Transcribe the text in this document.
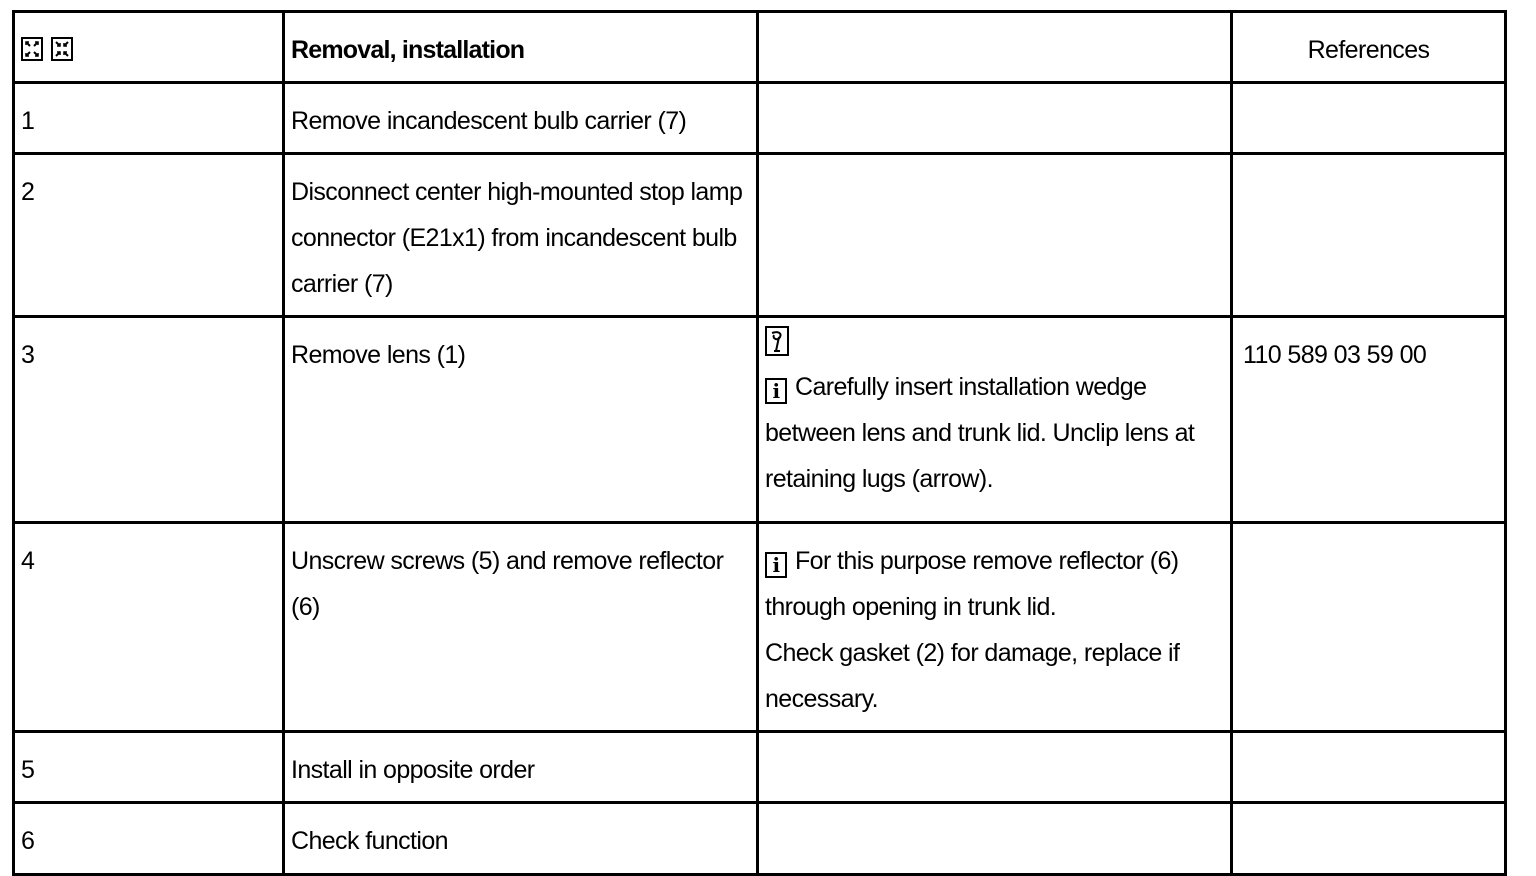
	Removal, installation		References
1	Remove incandescent bulb carrier (7)		

2	Disconnect center high-mounted stop lamp
connector (E21x1) from incandescent bulb
carrier (7)		

3	Remove lens (1)	i Carefully insert installation wedge
between lens and trunk lid. Unclip lens at
retaining lugs (arrow).	110 589 03 59 00
4	Unscrew screws (5) and remove reflector (6)	i For this purpose remove reflector (6)
through opening in trunk lid.
Check gasket (2) for damage, replace if
necessary.	

5	Install in opposite order		

6	Check function		
